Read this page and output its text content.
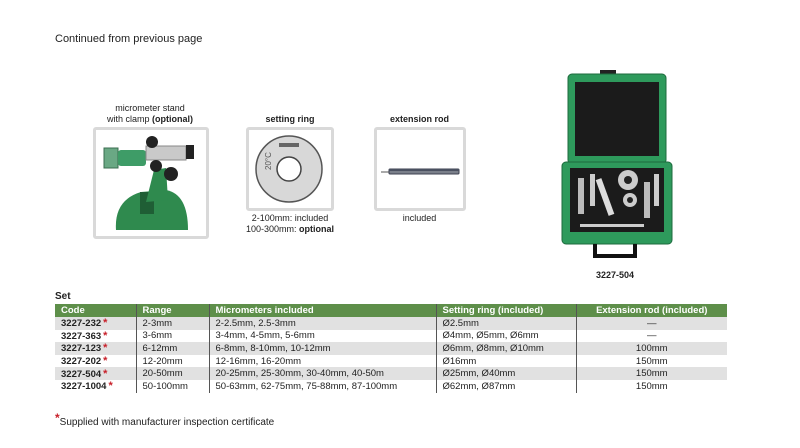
Continued from previous page
micrometer stand
with clamp (optional)	setting ring
20°C
2-100mm: included
100-300mm: optional
extension rod
included
3227-504
Set
Code	Range	Micrometers included	Setting ring (included)	Extension rod (included)
3227-232 *	2-3mm	2-2.5mm, 2.5-3mm	Ø2.5mm	—
3227-363 *	3-6mm	3-4mm, 4-5mm, 5-6mm	Ø4mm, Ø5mm, Ø6mm	—
3227-123 *	6-12mm	6-8mm, 8-10mm, 10-12mm	Ø6mm, Ø8mm, Ø10mm	100mm
3227-202 *	12-20mm	12-16mm, 16-20mm	Ø16mm	150mm
3227-504 *	20-50mm	20-25mm, 25-30mm, 30-40mm, 40-50m	Ø25mm, Ø40mm	150mm
3227-1004 *	50-100mm	50-63mm, 62-75mm, 75-88mm, 87-100mm	Ø62mm, Ø87mm	150mm
*Supplied with manufacturer inspection certificate
